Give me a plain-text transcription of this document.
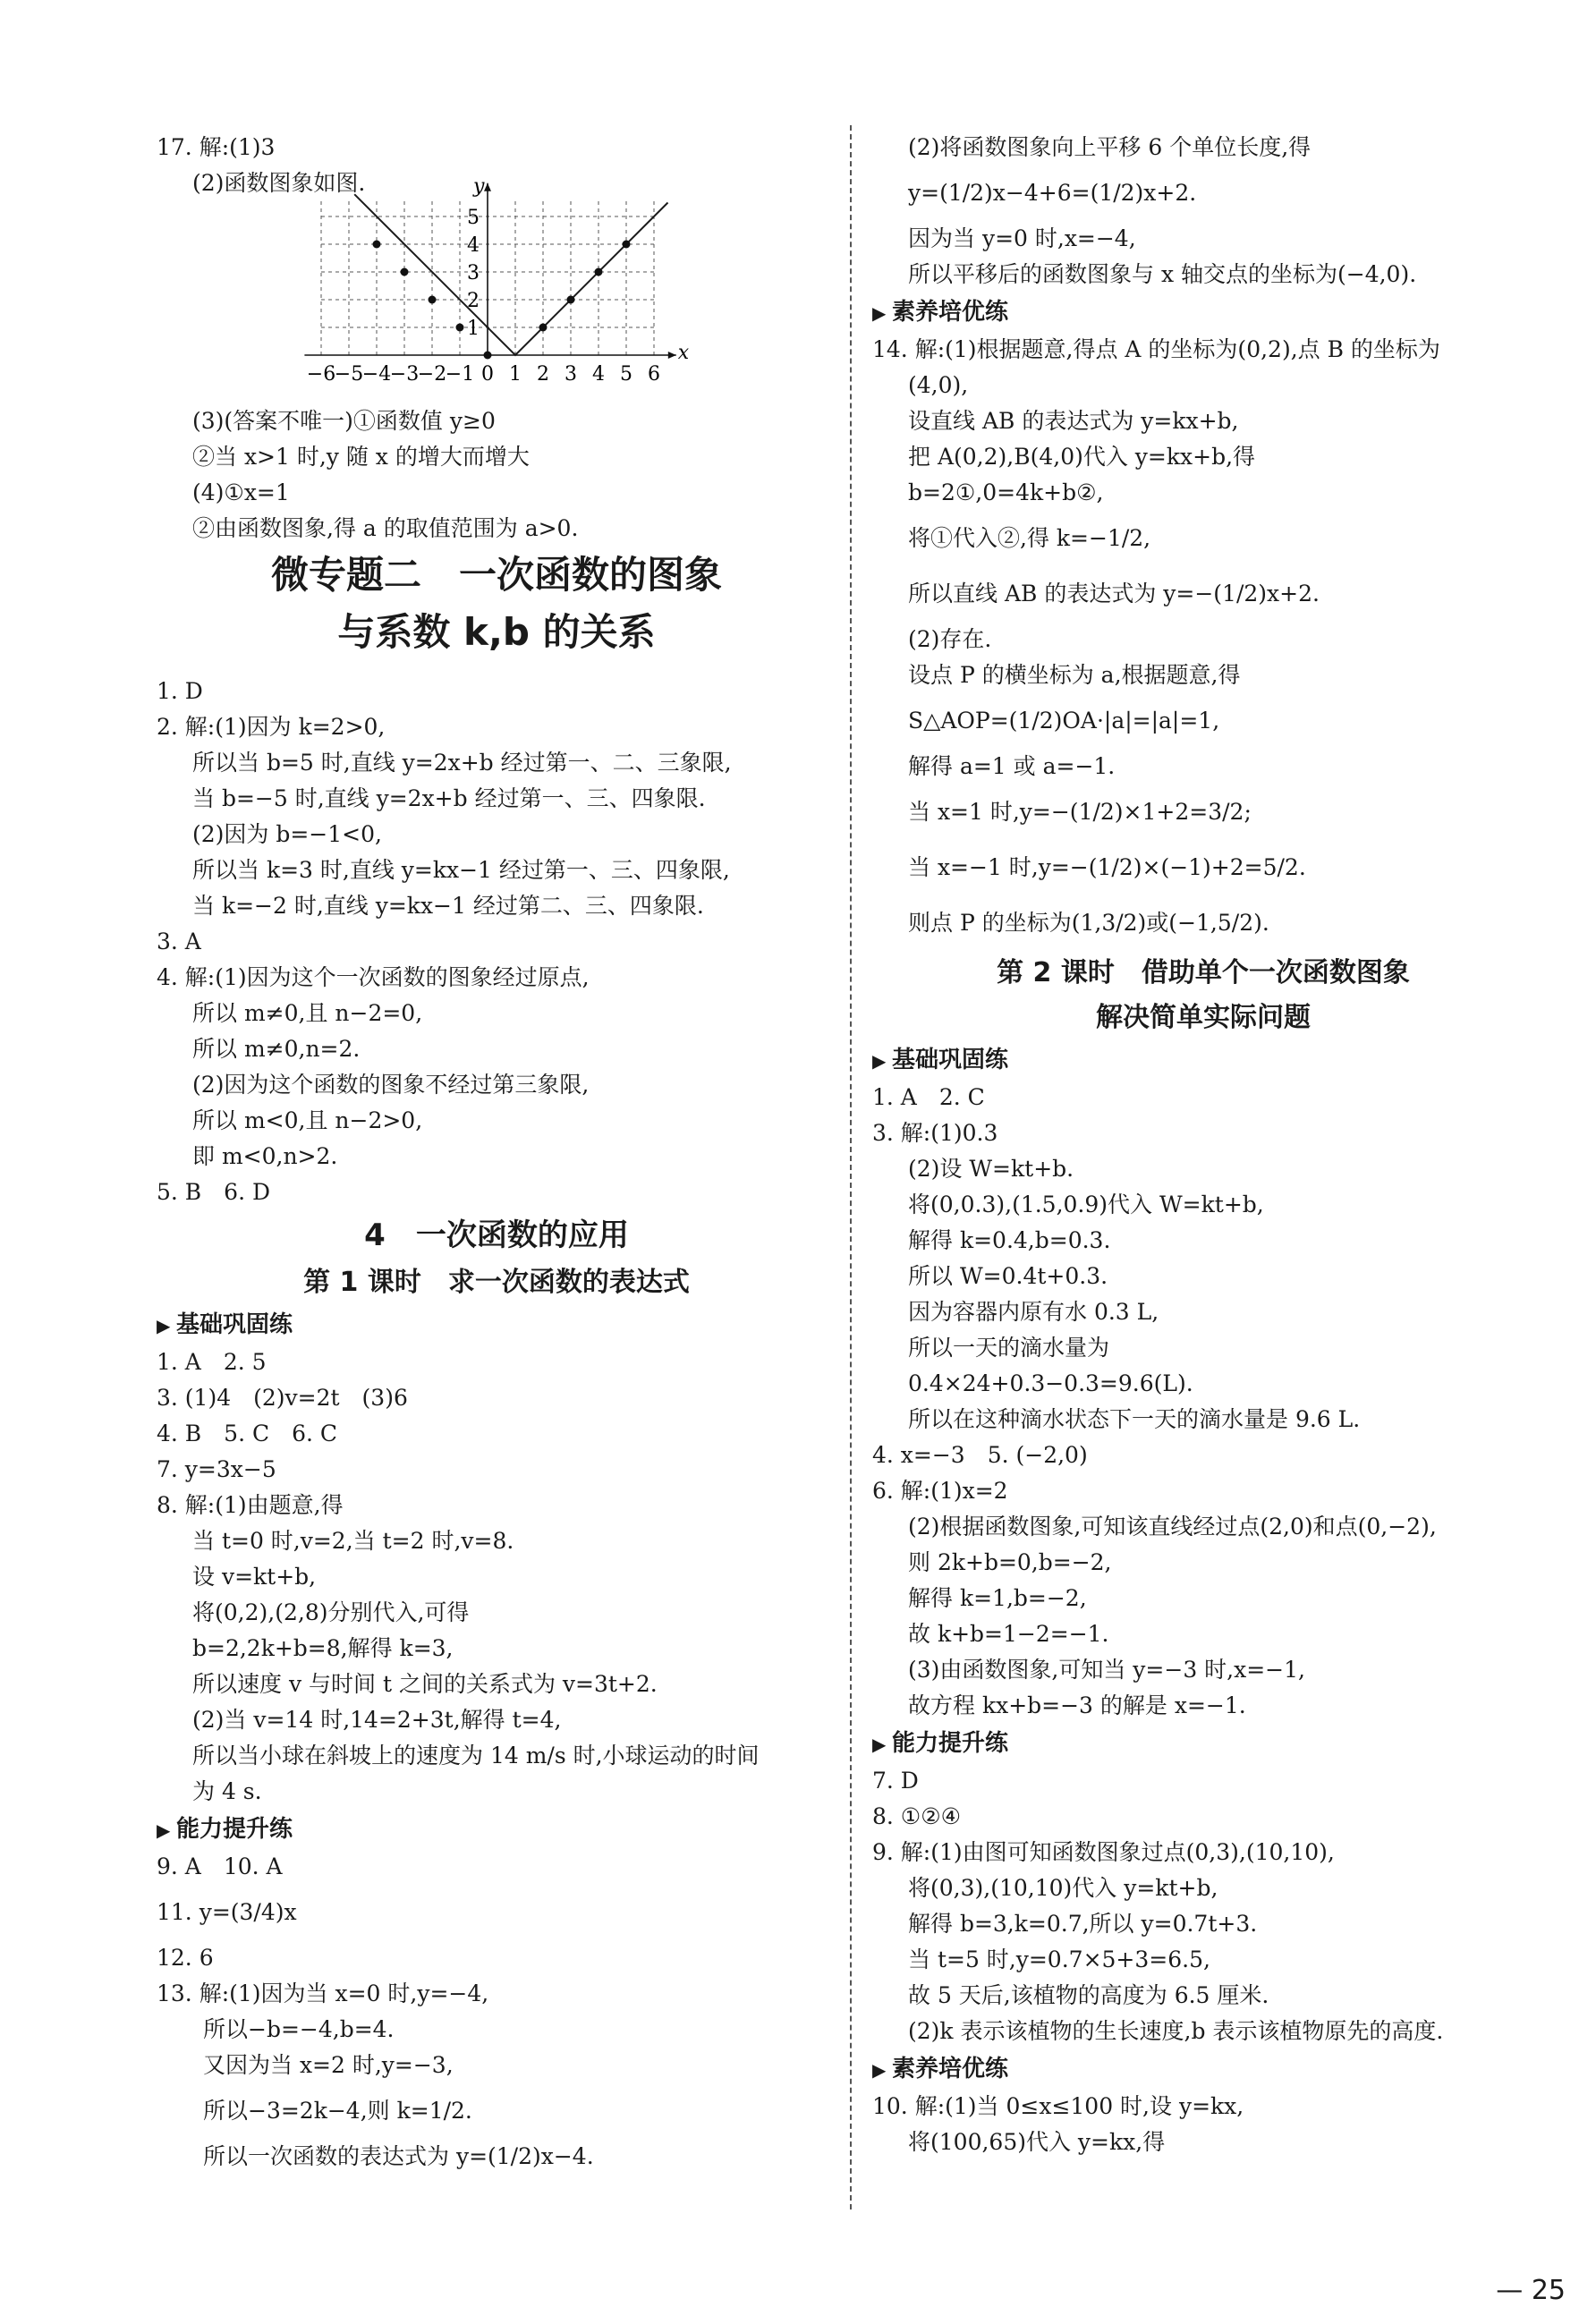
17. 解:(1)3
(2)函数图象如图.
−6
−5
−4
−3
−2
−1 0 1 2 3 4 5 6
1
2
3
4
5
x
y
(3)(答案不唯一)①函数值 y≥0
②当 x>1 时,y 随 x 的增大而增大
(4)①x=1
②由函数图象,得 a 的取值范围为 a>0.
微专题二　一次函数的图象
与系数 k,b 的关系
1. D
2. 解:(1)因为 k=2>0,
所以当 b=5 时,直线 y=2x+b 经过第一、二、三象限,
当 b=−5 时,直线 y=2x+b 经过第一、三、四象限.
(2)因为 b=−1<0,
所以当 k=3 时,直线 y=kx−1 经过第一、三、四象限,
当 k=−2 时,直线 y=kx−1 经过第二、三、四象限.
3. A
4. 解:(1)因为这个一次函数的图象经过原点,
所以 m≠0,且 n−2=0,
所以 m≠0,n=2.
(2)因为这个函数的图象不经过第三象限,
所以 m<0,且 n−2>0,
即 m<0,n>2.
5. B　6. D
4　一次函数的应用
第 1 课时　求一次函数的表达式
▶ 基础巩固练
1. A　2. 5
3. (1)4　(2)v=2t　(3)6
4. B　5. C　6. C
7. y=3x−5
8. 解:(1)由题意,得
当 t=0 时,v=2,当 t=2 时,v=8.
设 v=kt+b,
将(0,2),(2,8)分别代入,可得
b=2,2k+b=8,解得 k=3,
所以速度 v 与时间 t 之间的关系式为 v=3t+2.
(2)当 v=14 时,14=2+3t,解得 t=4,
所以当小球在斜坡上的速度为 14 m/s 时,小球运动的时间
为 4 s.
▶ 能力提升练
9. A　10. A
11. y=(3/4)x
12. 6
13. 解:(1)因为当 x=0 时,y=−4,
所以−b=−4,b=4.
又因为当 x=2 时,y=−3,
所以−3=2k−4,则 k=1/2.
所以一次函数的表达式为 y=(1/2)x−4.
(2)将函数图象向上平移 6 个单位长度,得
y=(1/2)x−4+6=(1/2)x+2.
因为当 y=0 时,x=−4,
所以平移后的函数图象与 x 轴交点的坐标为(−4,0).
▶ 素养培优练
14. 解:(1)根据题意,得点 A 的坐标为(0,2),点 B 的坐标为
(4,0),
设直线 AB 的表达式为 y=kx+b,
把 A(0,2),B(4,0)代入 y=kx+b,得
b=2①,0=4k+b②,
将①代入②,得 k=−1/2,
所以直线 AB 的表达式为 y=−(1/2)x+2.
(2)存在.
设点 P 的横坐标为 a,根据题意,得
S△AOP=(1/2)OA·|a|=|a|=1,
解得 a=1 或 a=−1.
当 x=1 时,y=−(1/2)×1+2=3/2;
当 x=−1 时,y=−(1/2)×(−1)+2=5/2.
则点 P 的坐标为(1,3/2)或(−1,5/2).
第 2 课时　借助单个一次函数图象
解决简单实际问题
▶ 基础巩固练
1. A　2. C
3. 解:(1)0.3
(2)设 W=kt+b.
将(0,0.3),(1.5,0.9)代入 W=kt+b,
解得 k=0.4,b=0.3.
所以 W=0.4t+0.3.
因为容器内原有水 0.3 L,
所以一天的滴水量为
0.4×24+0.3−0.3=9.6(L).
所以在这种滴水状态下一天的滴水量是 9.6 L.
4. x=−3　5. (−2,0)
6. 解:(1)x=2
(2)根据函数图象,可知该直线经过点(2,0)和点(0,−2),
则 2k+b=0,b=−2,
解得 k=1,b=−2,
故 k+b=1−2=−1.
(3)由函数图象,可知当 y=−3 时,x=−1,
故方程 kx+b=−3 的解是 x=−1.
▶ 能力提升练
7. D
8. ①②④
9. 解:(1)由图可知函数图象过点(0,3),(10,10),
将(0,3),(10,10)代入 y=kt+b,
解得 b=3,k=0.7,所以 y=0.7t+3.
当 t=5 时,y=0.7×5+3=6.5,
故 5 天后,该植物的高度为 6.5 厘米.
(2)k 表示该植物的生长速度,b 表示该植物原先的高度.
▶ 素养培优练
10. 解:(1)当 0≤x≤100 时,设 y=kx,
将(100,65)代入 y=kx,得
— 25
